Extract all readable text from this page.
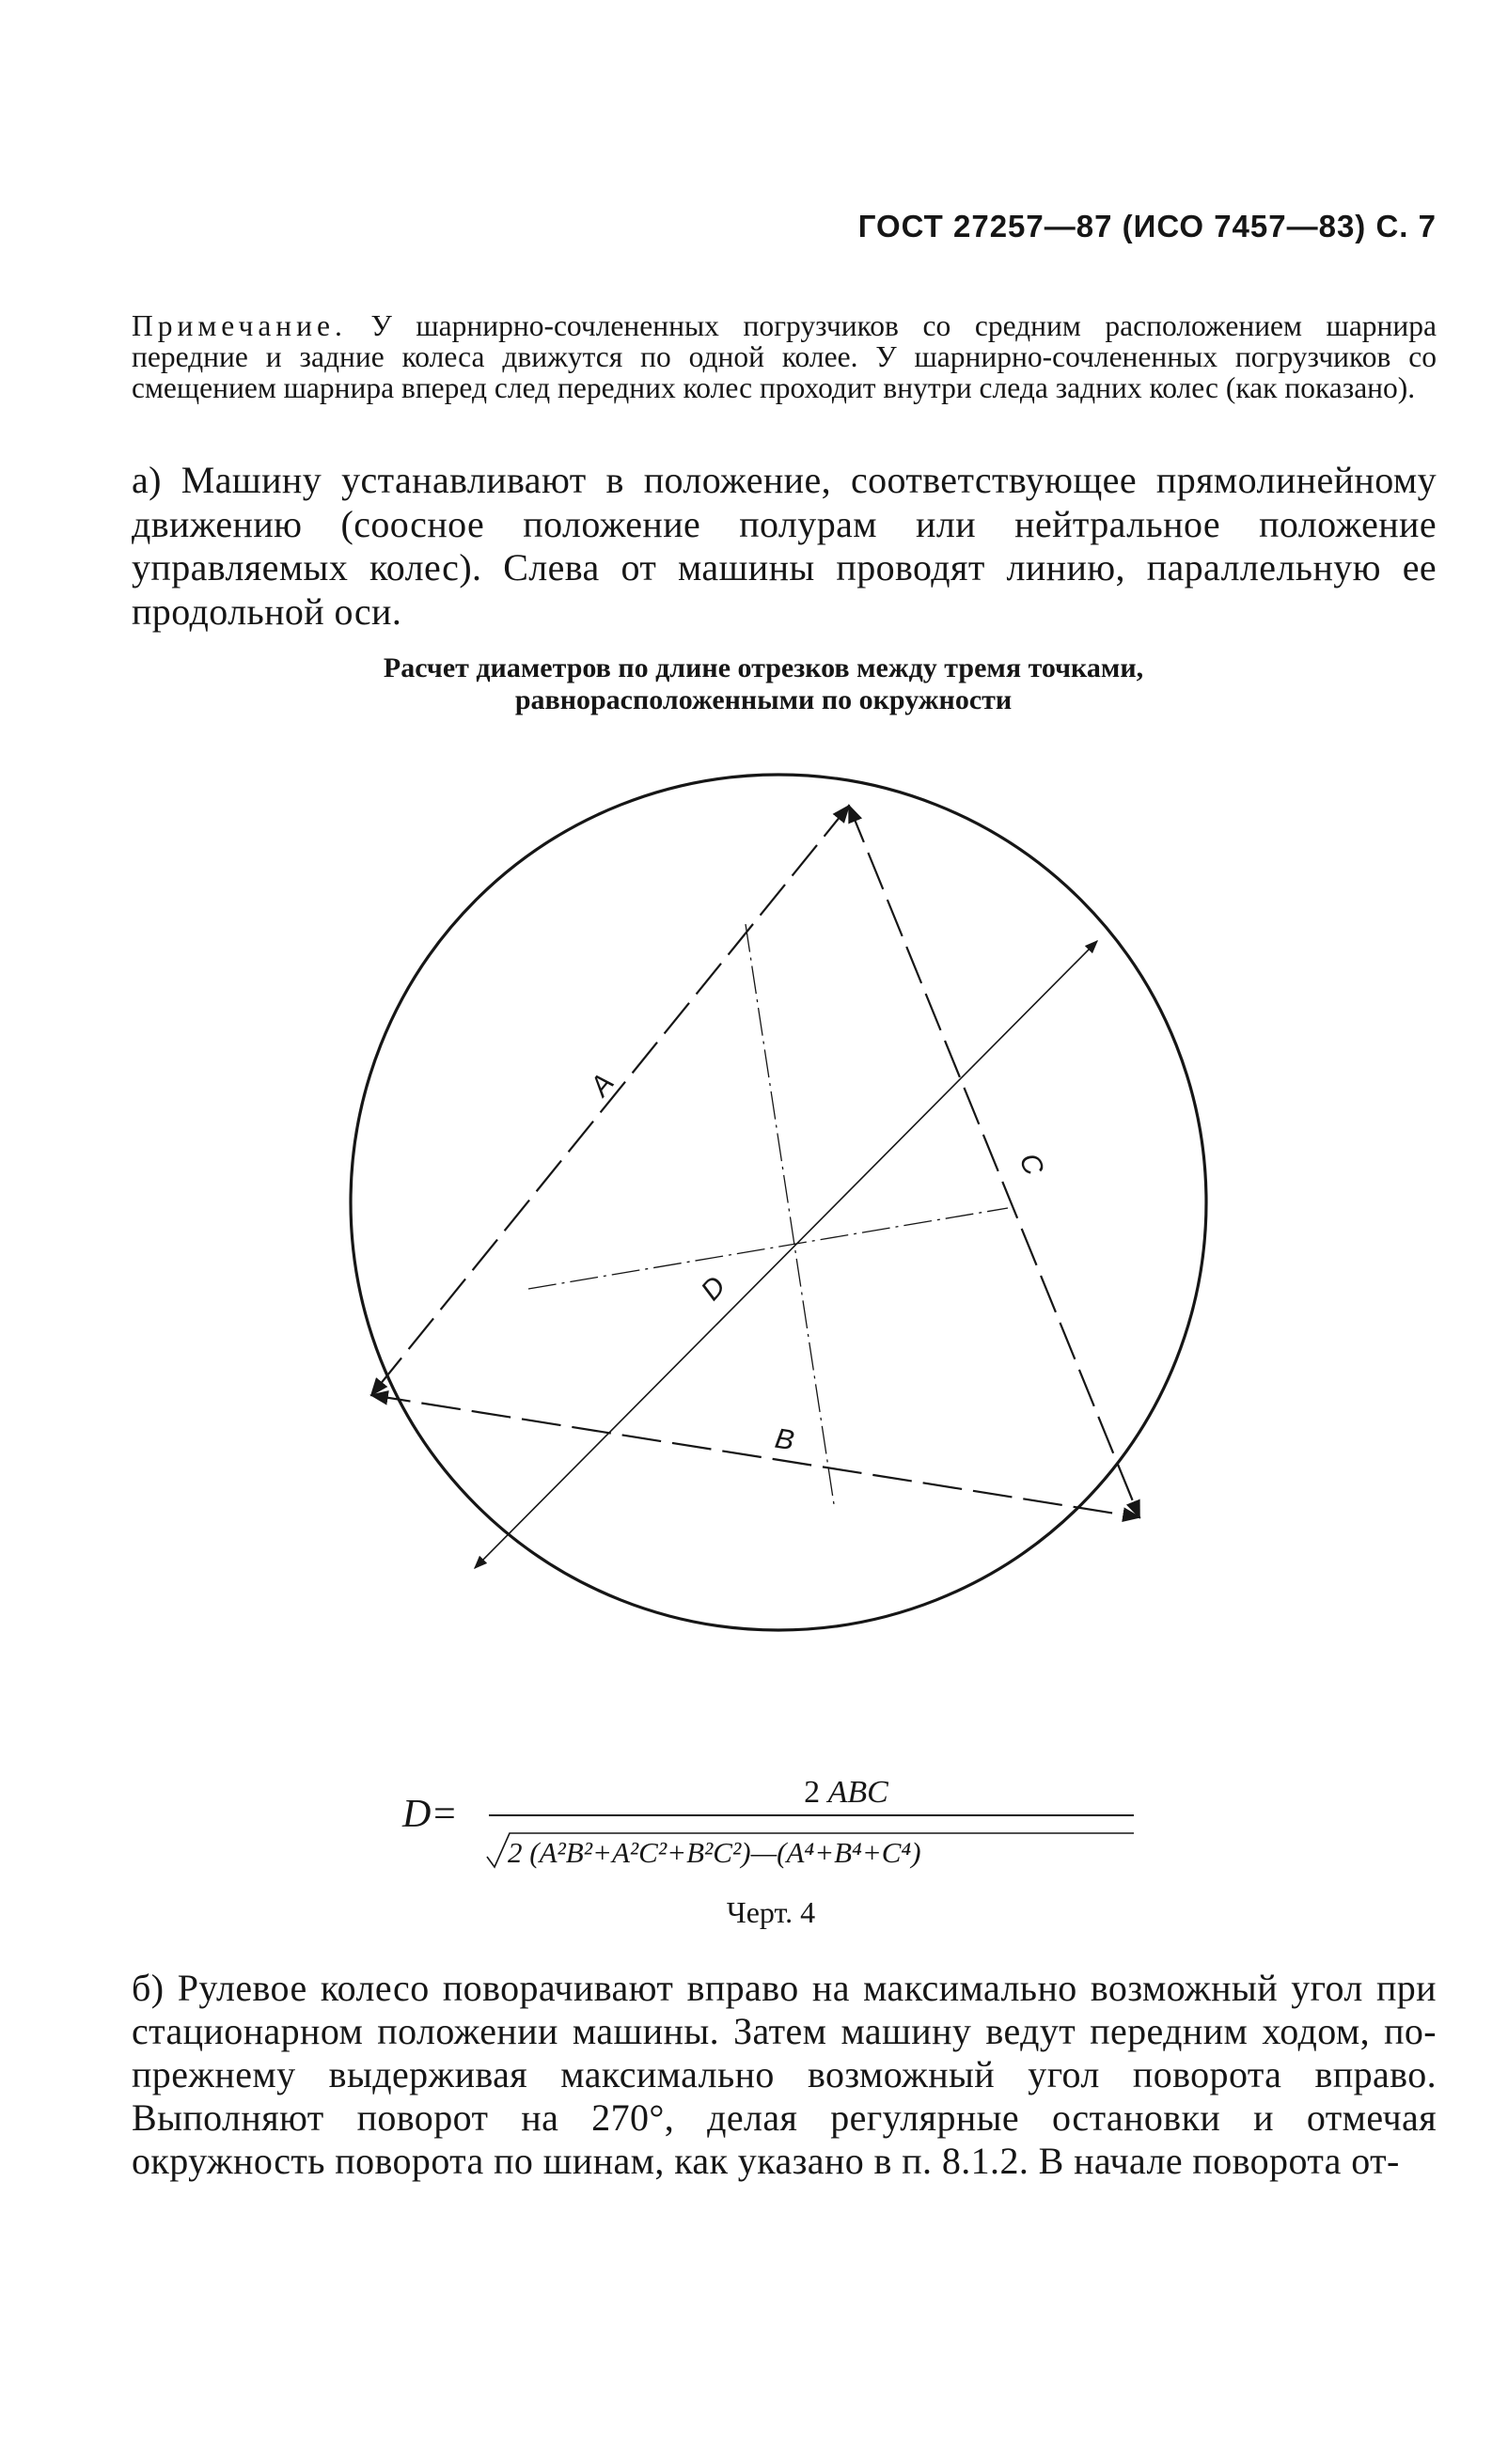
ГОСТ 27257—87 (ИСО 7457—83) С. 7
Примечание. У шарнирно-сочлененных погрузчиков со средним расположением шарнира передние и задние колеса движутся по одной колее. У шарнирно-сочлененных погрузчиков со смещением шарнира вперед след передних колес проходит внутри следа задних колес (как показано).
а) Машину устанавливают в положение, соответствующее прямолинейному движению (соосное положение полурам или нейтральное положение управляемых колес). Слева от машины проводят линию, параллельную ее продольной оси.
Расчет диаметров по длине отрезков между тремя точками, равнорасположенными по окружности
A
C
D
B
D=
2 ABC
2 (A²B²+A²C²+B²C²)—(A⁴+B⁴+C⁴)
Черт. 4
б) Рулевое колесо поворачивают вправо на максимально возможный угол при стационарном положении машины. Затем машину ведут передним ходом, по-прежнему выдерживая максимально возможный угол поворота вправо. Выполняют поворот на 270°, делая регулярные остановки и отмечая окружность поворота по шинам, как указано в п. 8.1.2. В начале поворота от-
